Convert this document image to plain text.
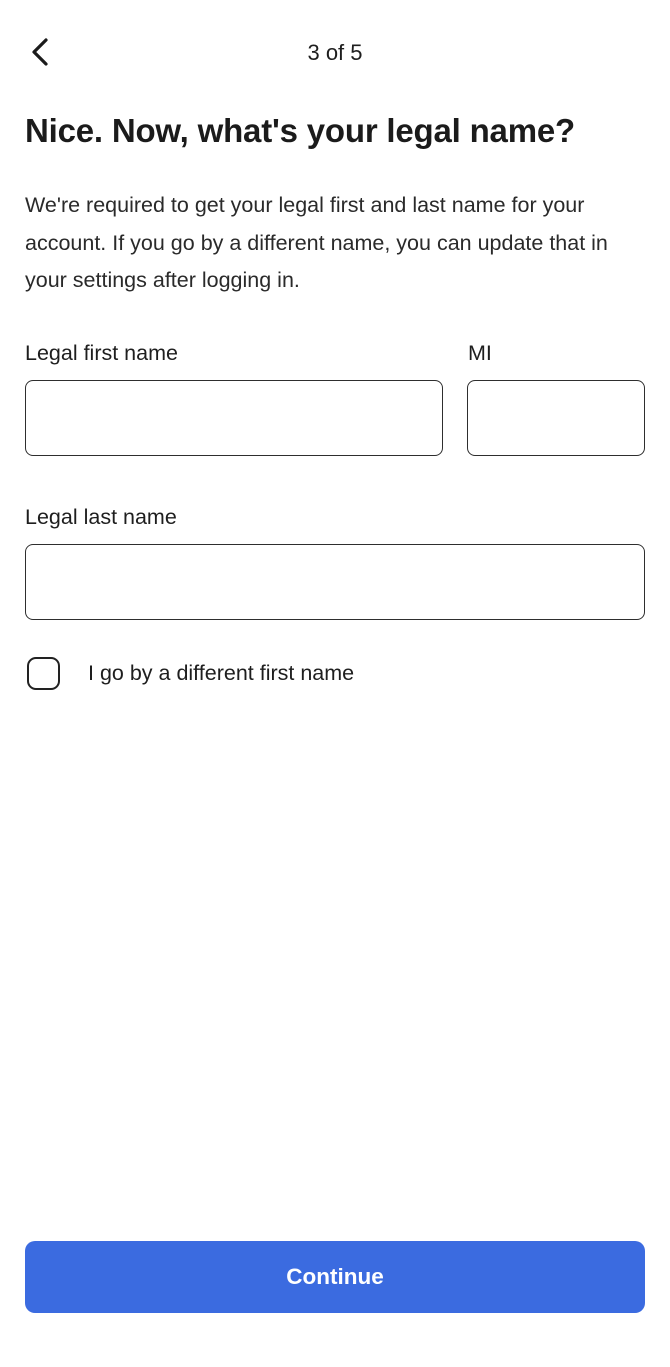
3 of 5
Nice. Now, what's your legal name?

We're required to get your legal first and last name for your account. If you go by a different name, you can update that in your settings after logging in.

Legal first name	MI
Legal last name
I go by a different first name
Continue
